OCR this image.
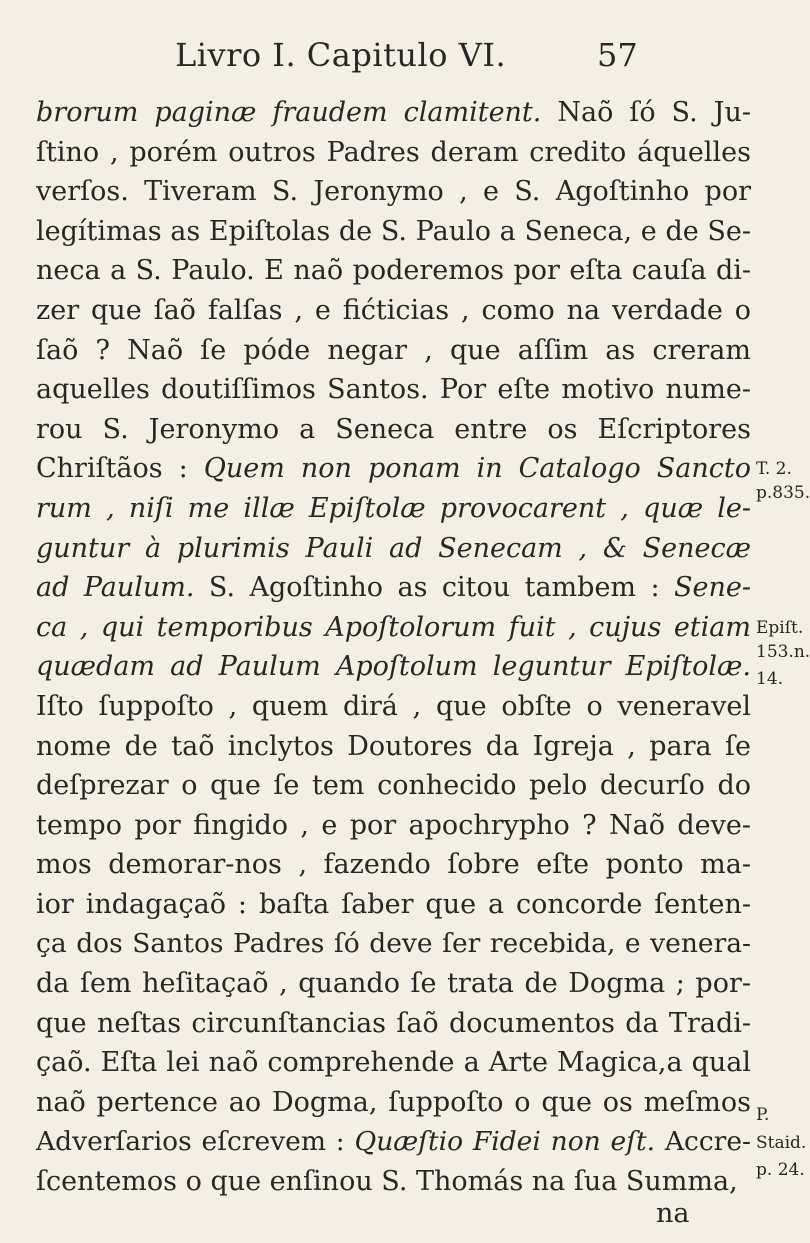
Livro I. Capitulo VI.	57
brorum paginæ fraudem clamitent. Naõ ſó S. Ju-
ſtino , porém outros Padres deram credito áquelles
verſos. Tiveram S. Jeronymo , e S. Agoſtinho por
legítimas as Epiſtolas de S. Paulo a Seneca, e de Se-
neca a S. Paulo. E naõ poderemos por eſta cauſa di-
zer que ſaõ falſas , e fićticias , como na verdade o
ſaõ ? Naõ ſe póde negar , que aſſim as creram
aquelles doutiſſimos Santos. Por eſte motivo nume-
rou S. Jeronymo a Seneca entre os Eſcriptores
Chriſtãos : Quem non ponam in Catalogo Sancto
rum , niſi me illæ Epiſtolæ provocarent , quæ le-
guntur à plurimis Pauli ad Senecam , & Senecæ
ad Paulum. S. Agoſtinho as citou tambem : Sene-
ca , qui temporibus Apoſtolorum fuit , cujus etiam
quædam ad Paulum Apoſtolum leguntur Epiſtolæ.
Iſto ſuppoſto , quem dirá , que obſte o veneravel
nome de taõ inclytos Doutores da Igreja , para ſe
deſprezar o que ſe tem conhecido pelo decurſo do
tempo por fingido , e por apochrypho ? Naõ deve-
mos demorar-nos , fazendo ſobre eſte ponto ma-
ior indagaçaõ : baſta ſaber que a concorde ſenten-
ça dos Santos Padres ſó deve ſer recebida, e venera-
da ſem heſitaçaõ , quando ſe trata de Dogma ; por-
que neſtas circunſtancias ſaõ documentos da Tradi-
çaõ. Eſta lei naõ comprehende a Arte Magica,a qual
naõ pertence ao Dogma, ſuppoſto o que os meſmos
Adverſarios eſcrevem : Quæſtio Fidei non eſt. Accre-
ſcentemos o que enſinou S. Thomás na ſua Summa,
T. 2.
p.835.
Epiſt.
153.n.
14.
P.
Staid.
p. 24.
na
